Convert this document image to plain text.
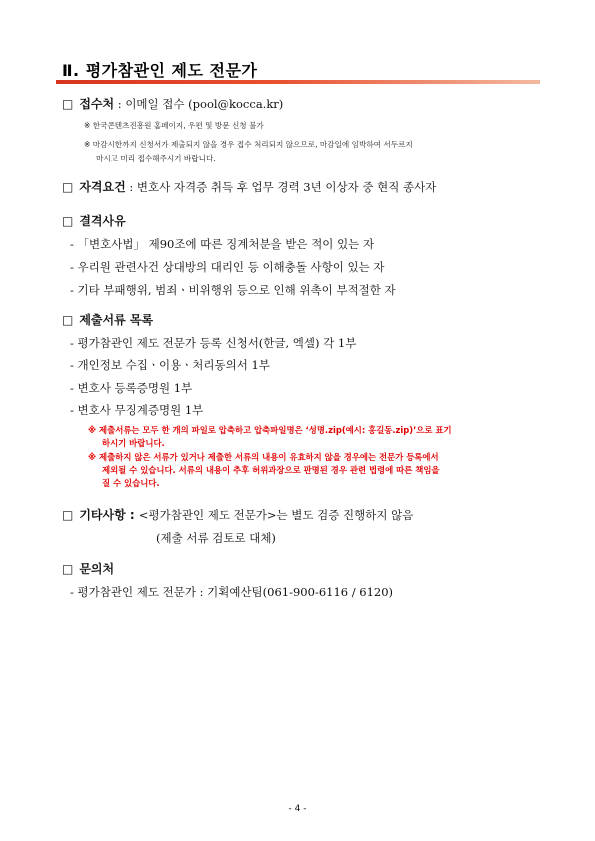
Ⅱ. 평가참관인 제도 전문가
□ 접수처 : 이메일 접수 (pool@kocca.kr)
※ 한국콘텐츠진흥원 홈페이지, 우편 및 방문 신청 불가
※ 마감시한까지 신청서가 제출되지 않을 경우 접수 처리되지 않으므로, 마감일에 임박하여 서두르지
마시고 미리 접수해주시기 바랍니다.
□ 자격요건 : 변호사 자격증 취득 후 업무 경력 3년 이상자 중 현직 종사자
□ 결격사유
- 「변호사법」 제90조에 따른 징계처분을 받은 적이 있는 자
- 우리원 관련사건 상대방의 대리인 등 이해충돌 사항이 있는 자
- 기타 부패행위, 범죄ㆍ비위행위 등으로 인해 위촉이 부적절한 자
□ 제출서류 목록
- 평가참관인 제도 전문가 등록 신청서(한글, 엑셀) 각 1부
- 개인정보 수집ㆍ이용ㆍ처리동의서 1부
- 변호사 등록증명원 1부
- 변호사 무징계증명원 1부
※ 제출서류는 모두 한 개의 파일로 압축하고 압축파일명은 ‘성명.zip(예시: 홍길동.zip)’으로 표기
하시기 바랍니다.
※ 제출하지 않은 서류가 있거나 제출한 서류의 내용이 유효하지 않을 경우에는 전문가 등록에서
제외될 수 있습니다. 서류의 내용이 추후 허위과장으로 판명된 경우 관련 법령에 따른 책임을
질 수 있습니다.
□ 기타사항 : <평가참관인 제도 전문가>는 별도 검증 진행하지 않음
(제출 서류 검토로 대체)
□ 문의처
- 평가참관인 제도 전문가 : 기획예산팀(061-900-6116 / 6120)
- 4 -
